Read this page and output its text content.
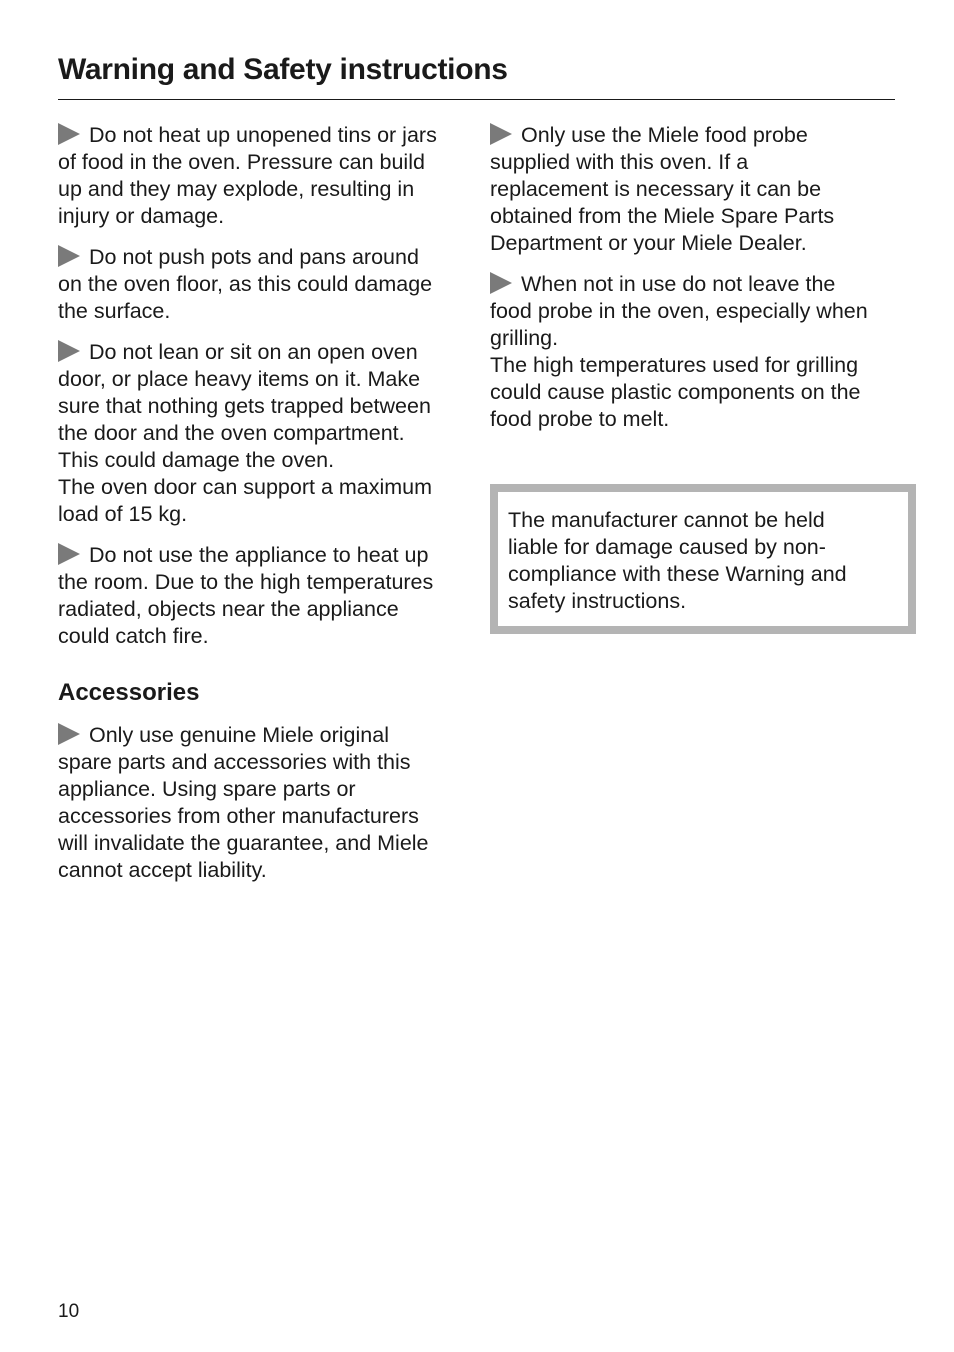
Warning and Safety instructions

Do not heat up unopened tins or jars
of food in the oven. Pressure can build
up and they may explode, resulting in
injury or damage.

Do not push pots and pans around
on the oven floor, as this could damage
the surface.

Do not lean or sit on an open oven
door, or place heavy items on it. Make
sure that nothing gets trapped between
the door and the oven compartment.
This could damage the oven.
The oven door can support a maximum
load of 15 kg.

Do not use the appliance to heat up
the room. Due to the high temperatures
radiated, objects near the appliance
could catch fire.

Accessories

Only use genuine Miele original
spare parts and accessories with this
appliance. Using spare parts or
accessories from other manufacturers
will invalidate the guarantee, and Miele
cannot accept liability.

Only use the Miele food probe
supplied with this oven. If a
replacement is necessary it can be
obtained from the Miele Spare Parts
Department or your Miele Dealer.

When not in use do not leave the
food probe in the oven, especially when
grilling.
The high temperatures used for grilling
could cause plastic components on the
food probe to melt.

The manufacturer cannot be held
liable for damage caused by non-
compliance with these Warning and
safety instructions.
10
